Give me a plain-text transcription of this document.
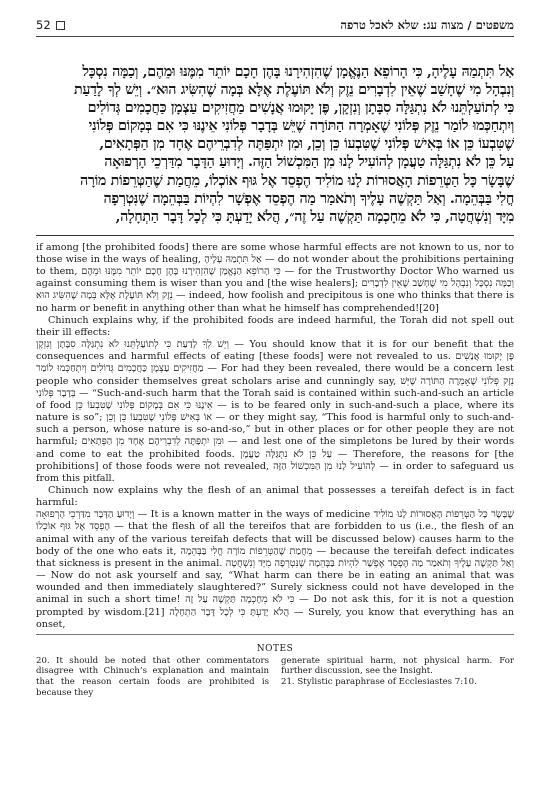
52	משפטים / מצוה עג: שלא לאכל טרפה
אַל תִּתְמַהּ עָלֶיהָ, כִּי הָרוֹפֵא הַנֶּאֱמָן שֶׁהִזְהִירָנוּ בָּהֶן חָכָם יוֹתֵר מִמֶּנּוּ וּמֵהֶם, וְכַמָּה נִסְכָּל
וְנִבְהָל מִי שֶׁחָשַׁב שֶׁאֵין לִדְבָרִים נֵזֶק וְלֹא תּוֹעֶלֶת אֶלָּא בְּמָה שֶׁהִשִּׂיג הוּא״. וְיֵשׁ לְךָ לָדַעַת
כִּי לְתוֹעַלְתֵּנוּ לֹא נִתְגַּלָּה סִבָּתָן וְנִזְקָן, פֶּן יָקוּמוּ אֲנָשִׁים מַחֲזִיקִים עַצְמָן כַּחֲכָמִים גְּדוֹלִים
וְיִתְחַכְּמוּ לוֹמַר נֵזֶק פְּלוֹנִי שֶׁאָמְרָה הַתּוֹרָה שֶׁיֵּשׁ בְּדָבָר פְּלוֹנִי אֵינֶנּוּ כִּי אִם בְּמָקוֹם פְּלוֹנִי
שֶׁטִּבְעוֹ כֵּן אוֹ בְּאִישׁ פְּלוֹנִי שֶׁטִּבְעוֹ כֵּן וְכֵן, וּמִן יִתְפַּתֶּה לְדִבְרֵיהֶם אֶחָד מִן הַפְּתָאִים,
עַל כֵּן לֹא נִתְגַּלָּה טַעֲמָן לְהוֹעִיל לָנוּ מִן הַמִּכְשׁוֹל הַזֶּה. וְיָדוּעַ הַדָּבָר מִדַּרְכֵי הָרְפוּאָה
שֶׁבָּשָׂר כָּל הַטְּרֵפוֹת הָאֲסוּרוֹת לָנוּ מוֹלִיד הֶפְסֵד אֶל גּוּף אוֹכְלוֹ, מֵחֲמַת שֶׁהַטְּרֵפוֹת מוֹרָה
חֳלִי בַּבְּהֵמָה. וְאַל תַּקְשֶׁה עָלֶיךָ וְתֹאמַר מַה הֶפְסֵד אֶפְשָׁר לִהְיוֹת בַּבְּהֵמָה שֶׁנִּטְרְפָה
מִיָּד וְנִשְׁחֲטָה, כִּי לֹא מֵחָכְמָה תַּקְשֶׁה עַל זֶה״, הֲלֹא יָדַעְתָּ כִּי לְכָל דָּבָר הַתְחָלָה,

if among [the prohibited foods] there are some whose harmful effects are not known to us, nor to those wise in the ways of healing, אַל תִּתְמַהּ עָלֶיהָ — do not wonder about the prohibitions pertaining to them, כִּי הָרוֹפֵא הַנֶּאֱמָן שֶׁהִזְהִירָנוּ בָּהֶן חָכָם יוֹתֵר מִמֶּנּוּ וּמֵהֶם — for the Trustworthy Doctor Who warned us against consuming them is wiser than you and [the wise healers]; וְכַמָּה נִסְכָּל וְנִבְהָל מִי שֶׁחָשַׁב שֶׁאֵין לִדְבָרִים נֵזֶק וְלֹא תּוֹעֶלֶת אֶלָּא בְּמָה שֶׁהִשִּׂיג הוּא — indeed, how foolish and precipitous is one who thinks that there is no harm or benefit in anything other than what he himself has comprehended![20]

Chinuch explains why, if the prohibited foods are indeed harmful, the Torah did not spell out their ill effects:

וְיֵשׁ לְךָ לָדַעַת כִּי לְתוֹעַלְתֵּנוּ לֹא נִתְגַּלָּה סִבָּתָן וְנִזְקָן — You should know that it is for our benefit that the consequences and harmful effects of eating [these foods] were not revealed to us. פֶּן יָקוּמוּ אֲנָשִׁים מַחֲזִיקִים עַצְמָן כַּחֲכָמִים גְּדוֹלִים וְיִתְחַכְּמוּ לוֹמַר — For had they been revealed, there would be a concern lest people who consider themselves great scholars arise and cunningly say, נֵזֶק פְּלוֹנִי שֶׁאָמְרָה הַתּוֹרָה שֶׁיֵּשׁ בְּדָבָר פְּלוֹנִי — “Such-and-such harm that the Torah said is contained within such-and-such an article of food אֵינֶנּוּ כִּי אִם בְּמָקוֹם פְּלוֹנִי שֶׁטִּבְעוֹ כֵּן — is to be feared only in such-and-such a place, where its nature is so”; אוֹ בְּאִישׁ פְּלוֹנִי שֶׁטִּבְעוֹ כֵּן וְכֵן — or they might say, “This food is harmful only to such-and-such a person, whose nature is so-and-so,” but in other places or for other people they are not harmful; וּמִן יִתְפַּתֶּה לְדִבְרֵיהֶם אֶחָד מִן הַפְּתָאִים — and lest one of the simpletons be lured by their words and come to eat the prohibited foods. עַל כֵּן לֹא נִתְגַּלָּה טַעֲמָן — Therefore, the reasons for [the prohibitions] of those foods were not revealed, לְהוֹעִיל לָנוּ מִן הַמִּכְשׁוֹל הַזֶּה — in order to safeguard us from this pitfall.

Chinuch now explains why the flesh of an animal that possesses a tereifah defect is in fact harmful:

וְיָדוּעַ הַדָּבָר מִדַּרְכֵי הָרְפוּאָה — It is a known matter in the ways of medicine שֶׁבָּשָׂר כָּל הַטְּרֵפוֹת הָאֲסוּרוֹת לָנוּ מוֹלִיד הֶפְסֵד אֶל גּוּף אוֹכְלוֹ — that the flesh of all the tereifos that are forbidden to us (i.e., the flesh of an animal with any of the various tereifah defects that will be discussed below) causes harm to the body of the one who eats it, מֵחֲמַת שֶׁהַטְּרֵפוֹת מוֹרָה חֳלִי בַּבְּהֵמָה — because the tereifah defect indicates that sickness is present in the animal. וְאַל תַּקְשֶׁה עָלֶיךָ וְתֹאמַר מַה הֶפְסֵד אֶפְשָׁר לִהְיוֹת בַּבְּהֵמָה שֶׁנִּטְרְפָה מִיָּד וְנִשְׁחֲטָה — Now do not ask yourself and say, “What harm can there be in eating an animal that was wounded and then immediately slaughtered?” Surely sickness could not have developed in the animal in such a short time! כִּי לֹא מֵחָכְמָה תַּקְשֶׁה עַל זֶה — Do not ask this, for it is not a question prompted by wisdom.[21] הֲלֹא יָדַעְתָּ כִּי לְכָל דָּבָר הַתְחָלָה — Surely, you know that everything has an onset,

NOTES

20. It should be noted that other commentators disagree with Chinuch’s explanation and maintain that the reason certain foods are prohibited is because they

generate spiritual harm, not physical harm. For further discussion, see the Insight.

21. Stylistic paraphrase of Ecclesiastes 7:10.
